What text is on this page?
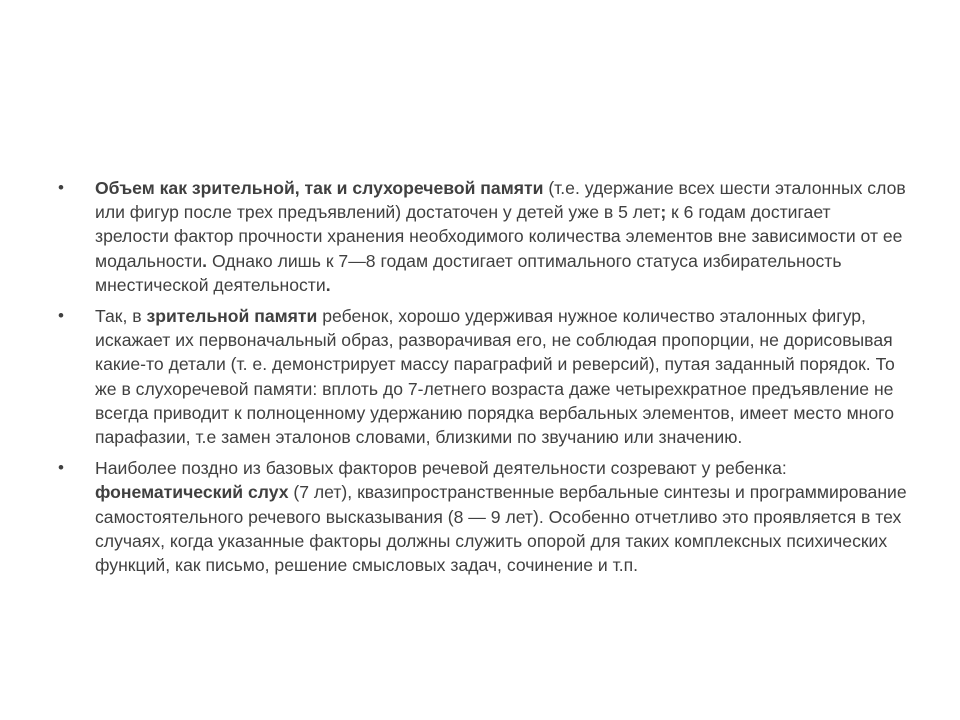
•	Объем как зрительной, так и слухоречевой памяти (т.е. удержание всех шести эталонных слов или фигур после трех предъявлений) достаточен у детей уже в 5 лет; к 6 годам достигает зрелости фактор прочности хранения необходимого количества элементов вне зависимости от ее модальности. Однако лишь к 7—8 годам достигает оптимального статуса избирательность мнестической деятельности.
•	Так, в зрительной памяти ребенок, хорошо удерживая нужное количество эталонных фигур, искажает их первоначальный образ, разворачивая его, не соблюдая пропорции, не дорисовывая какие-то детали (т. е. демонстрирует массу параграфий и реверсий), путая заданный порядок. То же в слухоречевой памяти: вплоть до 7-летнего возраста даже четырехкратное предъявление не всегда приводит к полноценному удержанию порядка вербальных элементов, имеет место много парафазии, т.е замен эталонов словами, близкими по звучанию или значению.
•	Наиболее поздно из базовых факторов речевой деятельности созревают у ребенка: фонематический слух (7 лет), квазипространственные вербальные синтезы и программирование самостоятельного речевого высказывания (8 — 9 лет). Особенно отчетливо это проявляется в тех случаях, когда указанные факторы должны служить опорой для таких комплексных психических функций, как письмо, решение смысловых задач, сочинение и т.п.
